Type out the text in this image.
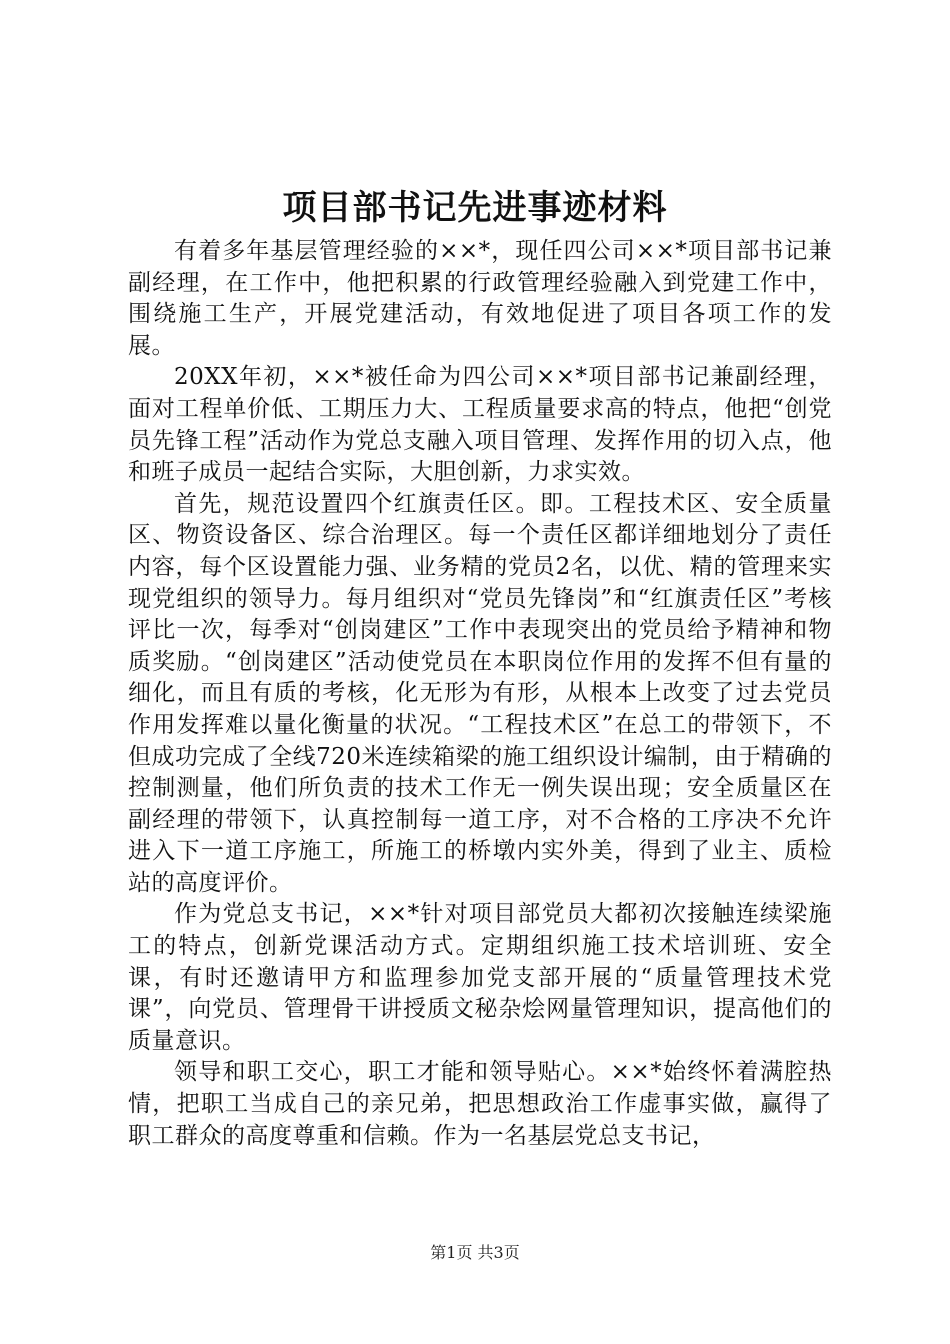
项目部书记先进事迹材料

有着多年基层管理经验的××*，现任四公司××*项目部书记兼副经理，在工作中，他把积累的行政管理经验融入到党建工作中，围绕施工生产，开展党建活动，有效地促进了项目各项工作的发展。

20XX年初，××*被任命为四公司××*项目部书记兼副经理，面对工程单价低、工期压力大、工程质量要求高的特点，他把“创党员先锋工程”活动作为党总支融入项目管理、发挥作用的切入点，他和班子成员一起结合实际，大胆创新，力求实效。

首先，规范设置四个红旗责任区。即。工程技术区、安全质量区、物资设备区、综合治理区。每一个责任区都详细地划分了责任内容，每个区设置能力强、业务精的党员2名，以优、精的管理来实现党组织的领导力。每月组织对“党员先锋岗”和“红旗责任区”考核评比一次，每季对“创岗建区”工作中表现突出的党员给予精神和物质奖励。“创岗建区”活动使党员在本职岗位作用的发挥不但有量的细化，而且有质的考核，化无形为有形，从根本上改变了过去党员作用发挥难以量化衡量的状况。“工程技术区”在总工的带领下，不但成功完成了全线720米连续箱梁的施工组织设计编制，由于精确的控制测量，他们所负责的技术工作无一例失误出现；安全质量区在副经理的带领下，认真控制每一道工序，对不合格的工序决不允许进入下一道工序施工，所施工的桥墩内实外美，得到了业主、质检站的高度评价。

作为党总支书记，××*针对项目部党员大都初次接触连续梁施工的特点，创新党课活动方式。定期组织施工技术培训班、安全课，有时还邀请甲方和监理参加党支部开展的“质量管理技术党课”，向党员、管理骨干讲授质文秘杂烩网量管理知识，提高他们的质量意识。

领导和职工交心，职工才能和领导贴心。××*始终怀着满腔热情，把职工当成自己的亲兄弟，把思想政治工作虚事实做，赢得了职工群众的高度尊重和信赖。作为一名基层党总支书记，

第1页 共3页
